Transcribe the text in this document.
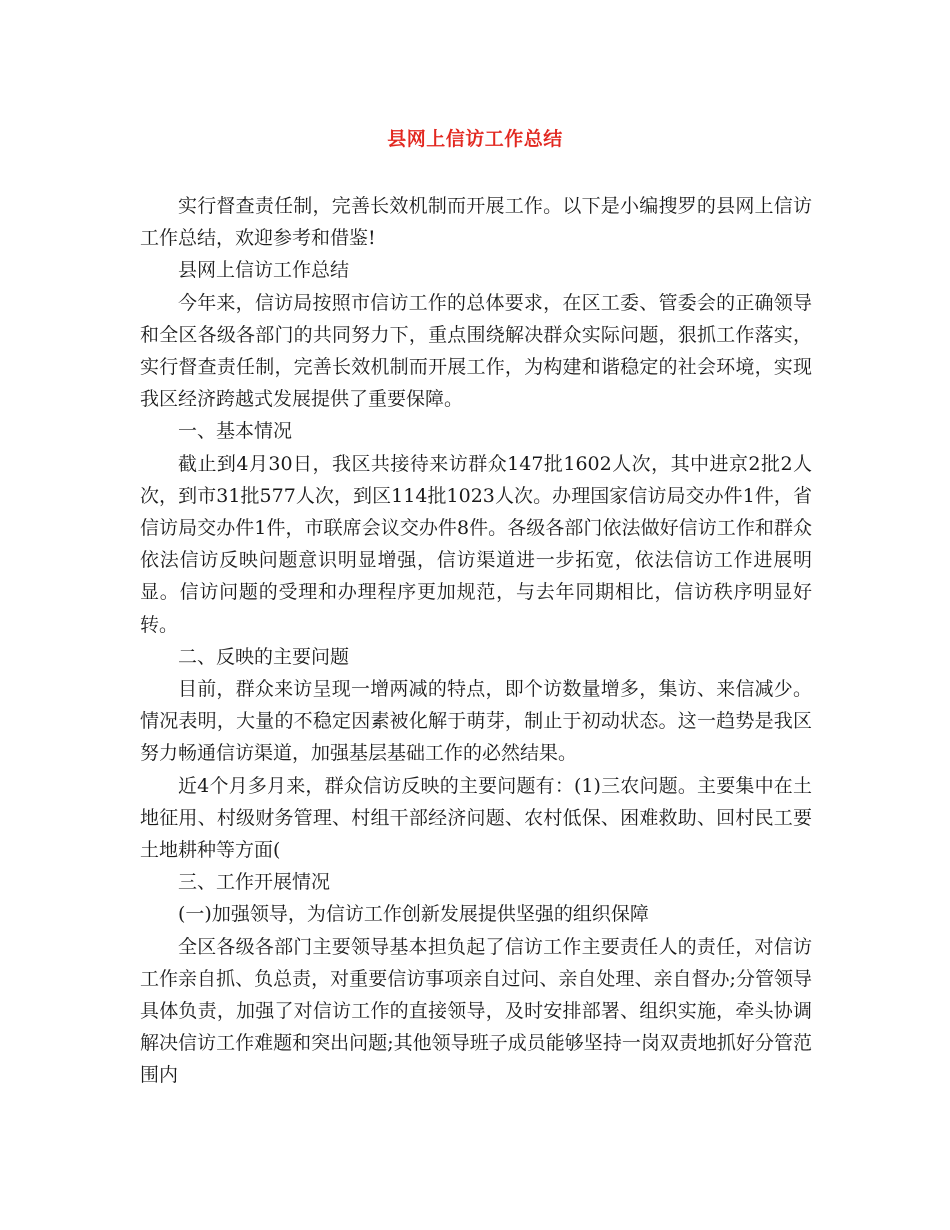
县网上信访工作总结

实行督查责任制，完善长效机制而开展工作。以下是小编搜罗的县网上信访工作总结，欢迎参考和借鉴!

县网上信访工作总结

今年来，信访局按照市信访工作的总体要求，在区工委、管委会的正确领导和全区各级各部门的共同努力下，重点围绕解决群众实际问题，狠抓工作落实，实行督查责任制，完善长效机制而开展工作，为构建和谐稳定的社会环境，实现我区经济跨越式发展提供了重要保障。

一、基本情况

截止到4月30日，我区共接待来访群众147批1602人次，其中进京2批2人次，到市31批577人次，到区114批1023人次。办理国家信访局交办件1件，省信访局交办件1件，市联席会议交办件8件。各级各部门依法做好信访工作和群众依法信访反映问题意识明显增强，信访渠道进一步拓宽，依法信访工作进展明显。信访问题的受理和办理程序更加规范，与去年同期相比，信访秩序明显好转。

二、反映的主要问题

目前，群众来访呈现一增两减的特点，即个访数量增多，集访、来信减少。情况表明，大量的不稳定因素被化解于萌芽，制止于初动状态。这一趋势是我区努力畅通信访渠道，加强基层基础工作的必然结果。

近4个月多月来，群众信访反映的主要问题有：(1)三农问题。主要集中在土地征用、村级财务管理、村组干部经济问题、农村低保、困难救助、回村民工要土地耕种等方面(

三、工作开展情况

(一)加强领导，为信访工作创新发展提供坚强的组织保障

全区各级各部门主要领导基本担负起了信访工作主要责任人的责任，对信访工作亲自抓、负总责，对重要信访事项亲自过问、亲自处理、亲自督办;分管领导具体负责，加强了对信访工作的直接领导，及时安排部署、组织实施，牵头协调解决信访工作难题和突出问题;其他领导班子成员能够坚持一岗双责地抓好分管范围内
